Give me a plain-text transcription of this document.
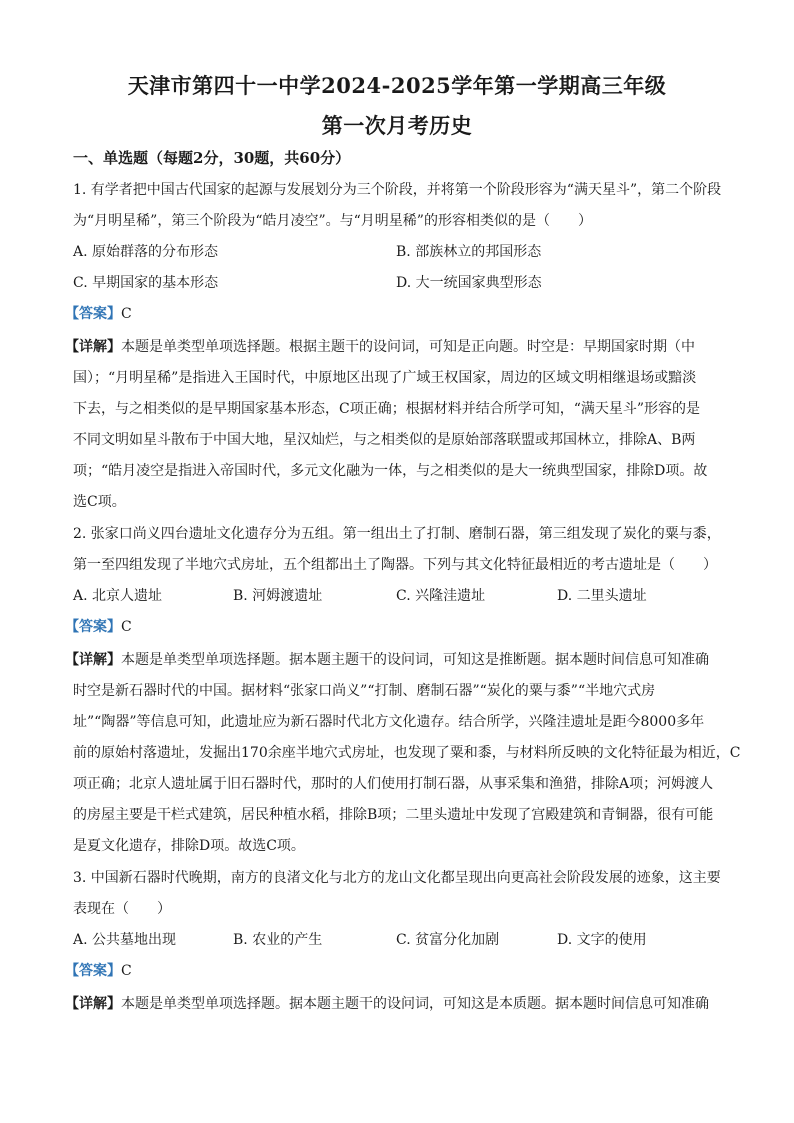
天津市第四十一中学2024-2025学年第一学期高三年级
第一次月考历史
一、单选题（每题2分，30题，共60分）
1. 有学者把中国古代国家的起源与发展划分为三个阶段，并将第一个阶段形容为“满天星斗”，第二个阶段
为“月明星稀”，第三个阶段为“皓月凌空”。与“月明星稀”的形容相类似的是（　　）
A. 原始群落的分布形态	B. 部族林立的邦国形态
C. 早期国家的基本形态	D. 大一统国家典型形态
【答案】C
【详解】本题是单类型单项选择题。根据主题干的设问词，可知是正向题。时空是：早期国家时期（中
国）；“月明星稀”是指进入王国时代，中原地区出现了广域王权国家，周边的区域文明相继退场或黯淡
下去，与之相类似的是早期国家基本形态，C项正确；根据材料并结合所学可知，“满天星斗”形容的是
不同文明如星斗散布于中国大地，星汉灿烂，与之相类似的是原始部落联盟或邦国林立，排除A、B两
项；“皓月凌空是指进入帝国时代，多元文化融为一体，与之相类似的是大一统典型国家，排除D项。故
选C项。
2. 张家口尚义四台遗址文化遗存分为五组。第一组出土了打制、磨制石器，第三组发现了炭化的粟与黍，
第一至四组发现了半地穴式房址，五个组都出土了陶器。下列与其文化特征最相近的考古遗址是（　　）
A. 北京人遗址	B. 河姆渡遗址	C. 兴隆洼遗址	D. 二里头遗址
【答案】C
【详解】本题是单类型单项选择题。据本题主题干的设问词，可知这是推断题。据本题时间信息可知准确
时空是新石器时代的中国。据材料“张家口尚义”“打制、磨制石器”“炭化的粟与黍”“半地穴式房
址”“陶器”等信息可知，此遗址应为新石器时代北方文化遗存。结合所学，兴隆洼遗址是距今8000多年
前的原始村落遗址，发掘出170余座半地穴式房址，也发现了粟和黍，与材料所反映的文化特征最为相近，C
项正确；北京人遗址属于旧石器时代，那时的人们使用打制石器，从事采集和渔猎，排除A项；河姆渡人
的房屋主要是干栏式建筑，居民种植水稻，排除B项；二里头遗址中发现了宫殿建筑和青铜器，很有可能
是夏文化遗存，排除D项。故选C项。
3. 中国新石器时代晚期，南方的良渚文化与北方的龙山文化都呈现出向更高社会阶段发展的迹象，这主要
表现在（　　）
A. 公共墓地出现	B. 农业的产生	C. 贫富分化加剧	D. 文字的使用
【答案】C
【详解】本题是单类型单项选择题。据本题主题干的设问词，可知这是本质题。据本题时间信息可知准确
